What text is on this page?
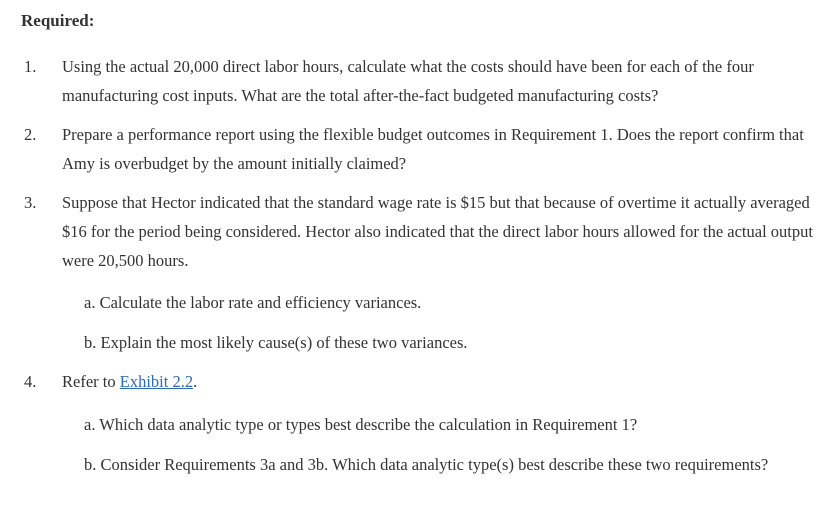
Required:
1. Using the actual 20,000 direct labor hours, calculate what the costs should have been for each of the four manufacturing cost inputs. What are the total after-the-fact budgeted manufacturing costs?
2. Prepare a performance report using the flexible budget outcomes in Requirement 1. Does the report confirm that Amy is overbudget by the amount initially claimed?
3. Suppose that Hector indicated that the standard wage rate is $15 but that because of overtime it actually averaged $16 for the period being considered. Hector also indicated that the direct labor hours allowed for the actual output were 20,500 hours.
a. Calculate the labor rate and efficiency variances.
b. Explain the most likely cause(s) of these two variances.
4. Refer to Exhibit 2.2.
a. Which data analytic type or types best describe the calculation in Requirement 1?
b. Consider Requirements 3a and 3b. Which data analytic type(s) best describe these two requirements?
